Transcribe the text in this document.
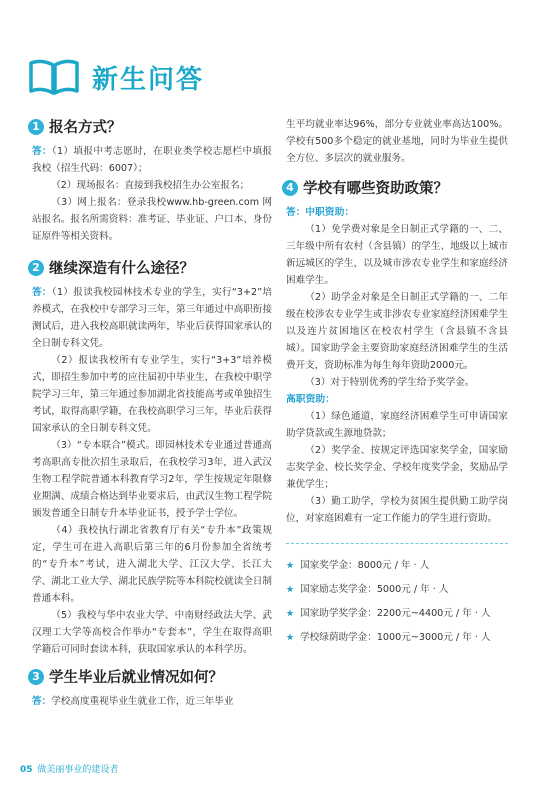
新生问答
1 报名方式？

答：（1）填报中考志愿时，在职业类学校志愿栏中填报我校（招生代码：6007）；

（2）现场报名：直接到我校招生办公室报名；

（3）网上报名：登录我校www.hb-green.com 网站报名。报名所需资料：准考证、毕业证、户口本、身份证原件等相关资料。

2 继续深造有什么途径？

答：（1）报读我校园林技术专业的学生，实行“3+2”培养模式，在我校中专部学习三年，第三年通过中高职衔接测试后，进入我校高职就读两年，毕业后获得国家承认的全日制专科文凭。

（2）报读我校所有专业学生，实行“3+3”培养模式，即招生参加中考的应往届初中毕业生，在我校中职学院学习三年，第三年通过参加湖北省技能高考或单独招生考试，取得高职学籍，在我校高职学习三年，毕业后获得国家承认的全日制专科文凭。

（3）“专本联合”模式。即园林技术专业通过普通高考高职高专批次招生录取后，在我校学习3年，进入武汉生物工程学院普通本科教育学习2年，学生按规定年限修业期满、成绩合格达到毕业要求后，由武汉生物工程学院颁发普通全日制专升本毕业证书，授予学士学位。

（4）我校执行湖北省教育厅有关“专升本”政策规定，学生可在进入高职后第三年的6月份参加全省统考的“专升本”考试，进入湖北大学、江汉大学、长江大学、湖北工业大学、湖北民族学院等本科院校就读全日制普通本科。

（5）我校与华中农业大学、中南财经政法大学、武汉理工大学等高校合作举办“专套本”，学生在取得高职学籍后可同时套读本科，获取国家承认的本科学历。

3 学生毕业后就业情况如何？

答：学校高度重视毕业生就业工作，近三年毕业

生平均就业率达96%，部分专业就业率高达100%。学校有500多个稳定的就业基地，同时为毕业生提供全方位、多层次的就业服务。

4 学校有哪些资助政策？

答：中职资助：

（1）免学费对象是全日制正式学籍的一、二、三年级中所有农村（含县镇）的学生、地级以上城市新远城区的学生，以及城市涉农专业学生和家庭经济困难学生。

（2）助学金对象是全日制正式学籍的一、二年级在校涉农专业学生或非涉农专业家庭经济困难学生以及连片贫困地区在校农村学生（含县镇不含县城）。国家助学金主要资助家庭经济困难学生的生活费开支，资助标准为每生每年资助2000元。

（3）对于特别优秀的学生给予奖学金。

高职资助：

（1）绿色通道，家庭经济困难学生可申请国家助学贷款或生源地贷款；

（2）奖学金、按规定评选国家奖学金，国家励志奖学金、校长奖学金、学校年度奖学金，奖励品学兼优学生；

（3）勤工助学，学校为贫困生提供勤工助学岗位，对家庭困难有一定工作能力的学生进行资助。

★ 国家奖学金：8000元 / 年 · 人
★ 国家励志奖学金：5000元 / 年 · 人
★ 国家助学奖学金：2200元~4400元 / 年 · 人
★ 学校绿荫助学金：1000元~3000元 / 年 · 人
05 做美丽事业的建设者
